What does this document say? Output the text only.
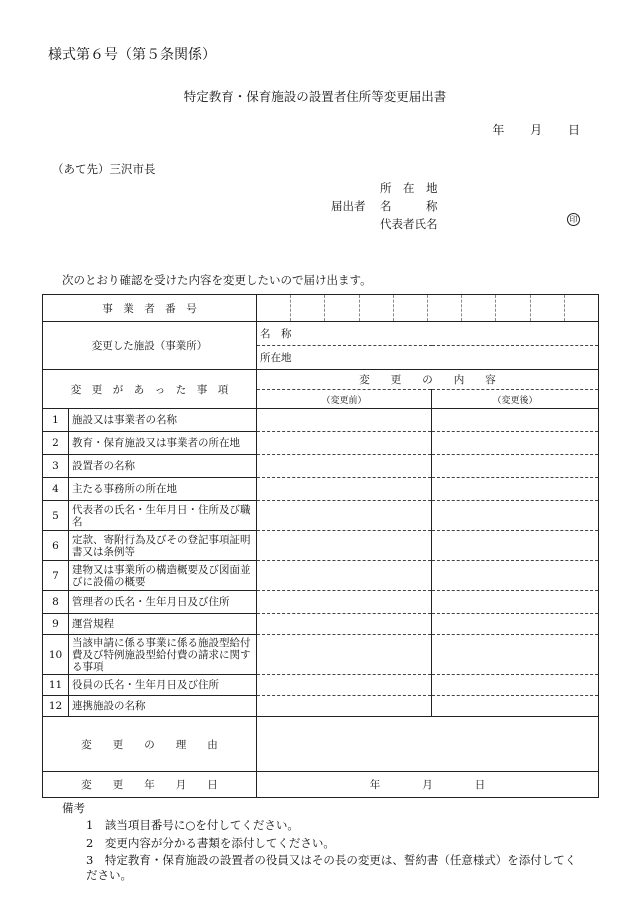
様式第６号（第５条関係）
特定教育・保育施設の設置者住所等変更届出書
年 月 日
（あて先）三沢市長
所　在　地
届出者 名　　　称
代表者氏名	印
次のとおり確認を受けた内容を変更したいので届け出ます。
事　業　者　番　号			

変更した施設（事業所）		名　称	
		所在地	
変　更　が　あ　っ　た　事　項		変　　更　　の　　内　　容	
		（変更前）	（変更後）
1	施設又は事業者の名称		
2	教育・保育施設又は事業者の所在地		
3	設置者の名称		
4	主たる事務所の所在地		
5	代表者の氏名・生年月日・住所及び職名		
6	定款、寄附行為及びその登記事項証明書又は条例等		
7	建物又は事業所の構造概要及び図面並びに設備の概要		
8	管理者の氏名・生年月日及び住所		
9	運営規程		
10	当該申請に係る事業に係る施設型給付費及び特例施設型給付費の請求に関する事項		
11	役員の氏名・生年月日及び住所		
12	連携施設の名称		
変　　更　　の　　理　　由			
変　　更　　年　　月　　日		年　　　　月　　　　日	
備考
1　該当項目番号に○を付してください。
2　変更内容が分かる書類を添付してください。
3　特定教育・保育施設の設置者の役員又はその長の変更は、誓約書（任意様式）を添付してください。
